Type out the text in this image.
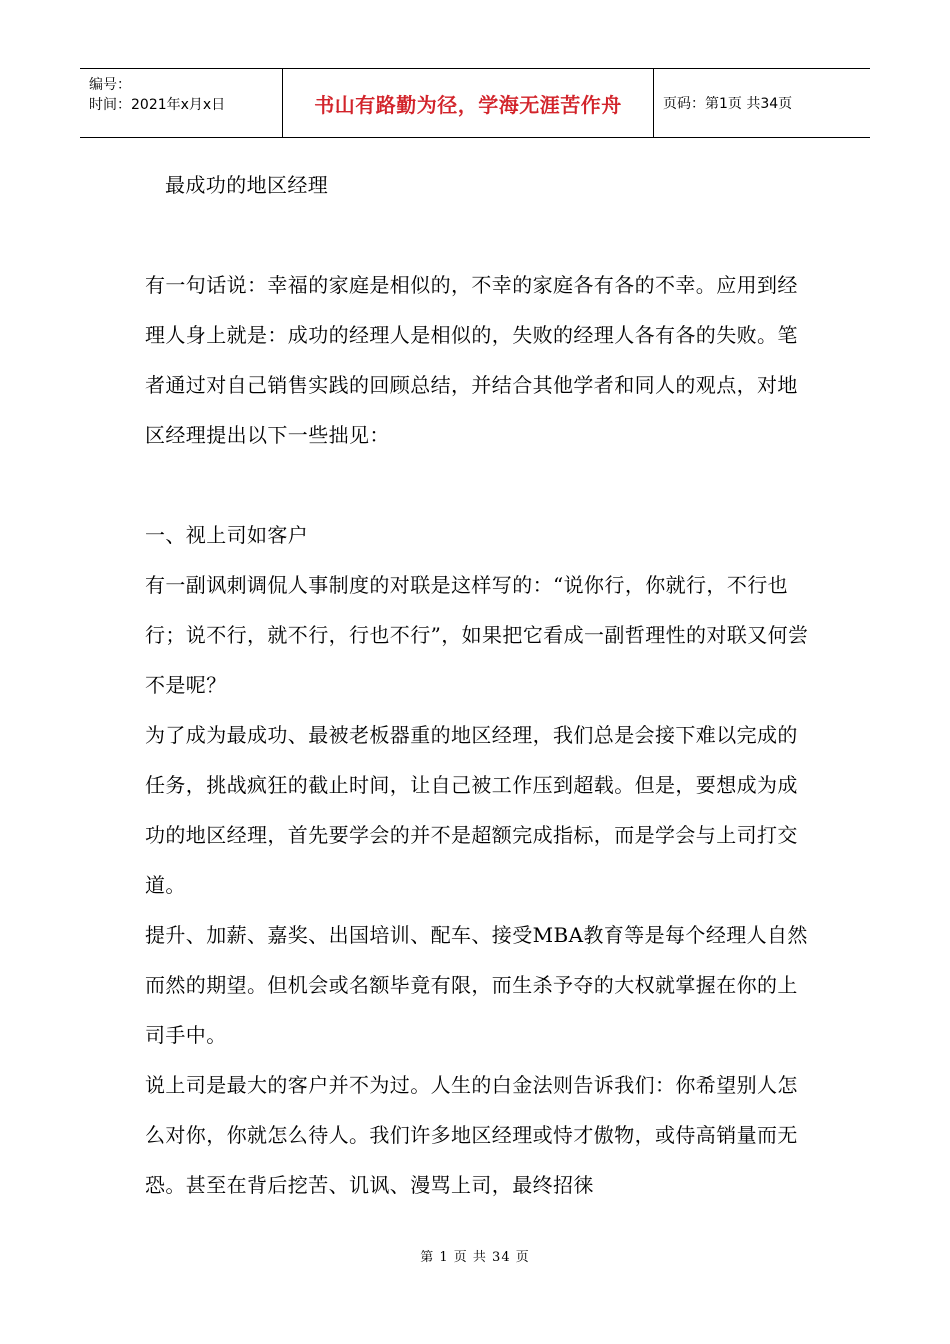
编号：
时间：2021年x月x日	书山有路勤为径，学海无涯苦作舟	页码：第1页 共34页

最成功的地区经理

有一句话说：幸福的家庭是相似的，不幸的家庭各有各的不幸。应用到经理人身上就是：成功的经理人是相似的，失败的经理人各有各的失败。笔者通过对自己销售实践的回顾总结，并结合其他学者和同人的观点，对地区经理提出以下一些拙见：

一、视上司如客户

有一副讽刺调侃人事制度的对联是这样写的：“说你行，你就行，不行也行；说不行，就不行，行也不行”，如果把它看成一副哲理性的对联又何尝不是呢？

为了成为最成功、最被老板器重的地区经理，我们总是会接下难以完成的任务，挑战疯狂的截止时间，让自己被工作压到超载。但是，要想成为成功的地区经理，首先要学会的并不是超额完成指标，而是学会与上司打交道。

提升、加薪、嘉奖、出国培训、配车、接受MBA教育等是每个经理人自然而然的期望。但机会或名额毕竟有限，而生杀予夺的大权就掌握在你的上司手中。

说上司是最大的客户并不为过。人生的白金法则告诉我们：你希望别人怎么对你，你就怎么待人。我们许多地区经理或恃才傲物，或侍高销量而无恐。甚至在背后挖苦、讥讽、漫骂上司，最终招徕

第 1 页 共 34 页
